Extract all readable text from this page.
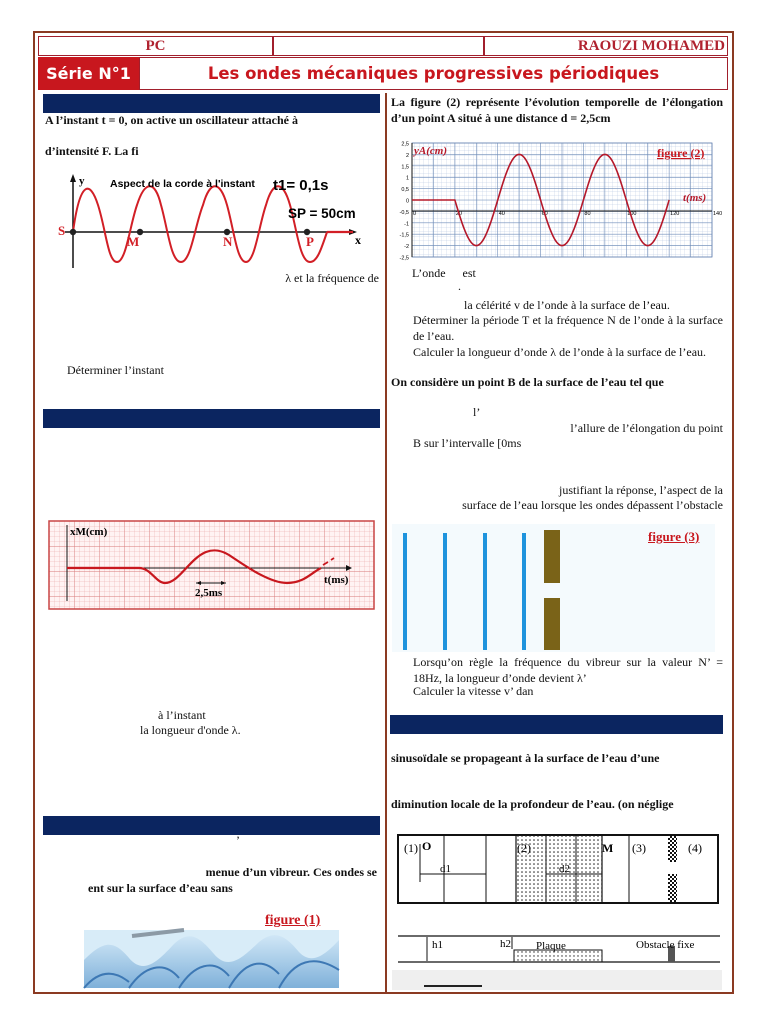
PC	RAOUZI MOHAMED
Série N°1	Les ondes mécaniques progressives périodiques
A l’instant t = 0, on active un oscillateur attaché à
d’intensité F. La fi
y
x
Aspect de la corde à l'instant t1= 0,1s
SP = 50cm
S
M	N	P
λ et la fréquence de
Déterminer l’instant
xM(cm)
t(ms)
2,5ms
à l’instant
la longueur d'onde λ.
’
menue d’un vibreur. Ces ondes se
ent sur la surface d’eau sans
figure (1)
La figure (2) représente l’évolution temporelle de l’élongation d’un point A situé à une distance d = 2,5cm
2,5
2
1,5
1
0,5
0
-0,5
-1
-1,5
-2
-2,5
0	20	40	60	80	100	120	140
yA(cm)	figure (2)
t(ms)
L’onde est
.
la célérité v de l’onde à la surface de l’eau.
Déterminer la période T et la fréquence N de l’onde à la surface de l’eau.
Calculer la longueur d’onde λ de l’onde à la surface de l’eau.
On considère un point B de la surface de l’eau tel que
l’
l’allure de l’élongation du point
B sur l’intervalle [0ms
justifiant la réponse, l’aspect de la
surface de l’eau lorsque les ondes dépassent l’obstacle
figure (3)
Lorsqu’on règle la fréquence du vibreur sur la valeur N’ = 18Hz, la longueur d’onde devient λ’
Calculer la vitesse v’ dan
sinusoïdale se propageant à la surface de l’eau d’une
diminution locale de la profondeur de l’eau. (on néglige
(1) O
d1
(2)
d2
M (3)	(4)
h1	h2 Plaque	Obstacle fixe
